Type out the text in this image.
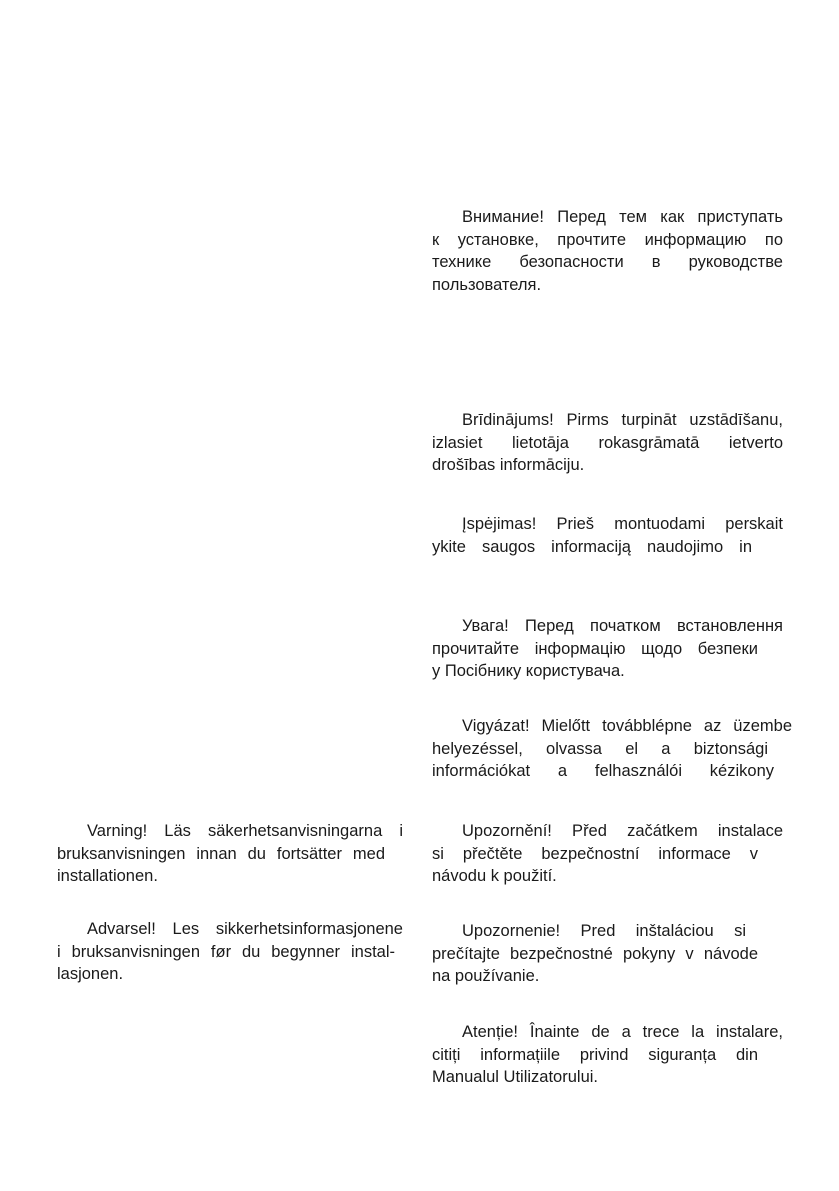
Внимание! Перед тем как приступать
к установке, прочтите информацию по
технике безопасности в руководстве
пользователя.
Brīdinājums! Pirms turpināt uzstādīšanu,
izlasiet lietotāja rokasgrāmatā ietverto
drošības informāciju.
Įspėjimas! Prieš montuodami perskait
ykite saugos informaciją naudojimo in
Увага! Перед початком встановлення
прочитайте інформацію щодо безпеки
у Посібнику користувача.
Vigyázat! Mielőtt továbblépne az üzembe
helyezéssel, olvassa el a biztonsági
információkat a felhasználói kézikony
Varning! Läs säkerhetsanvisningarna i
bruksanvisningen innan du fortsätter med
installationen.
Upozornění! Před začátkem instalace
si přečtěte bezpečnostní informace v
návodu k použití.
Advarsel! Les sikkerhetsinformasjonene
i bruksanvisningen før du begynner instal-
lasjonen.
Upozornenie! Pred inštaláciou si
prečítajte bezpečnostné pokyny v návode
na používanie.
Atenție! Înainte de a trece la instalare,
citiți informațiile privind siguranța din
Manualul Utilizatorului.
